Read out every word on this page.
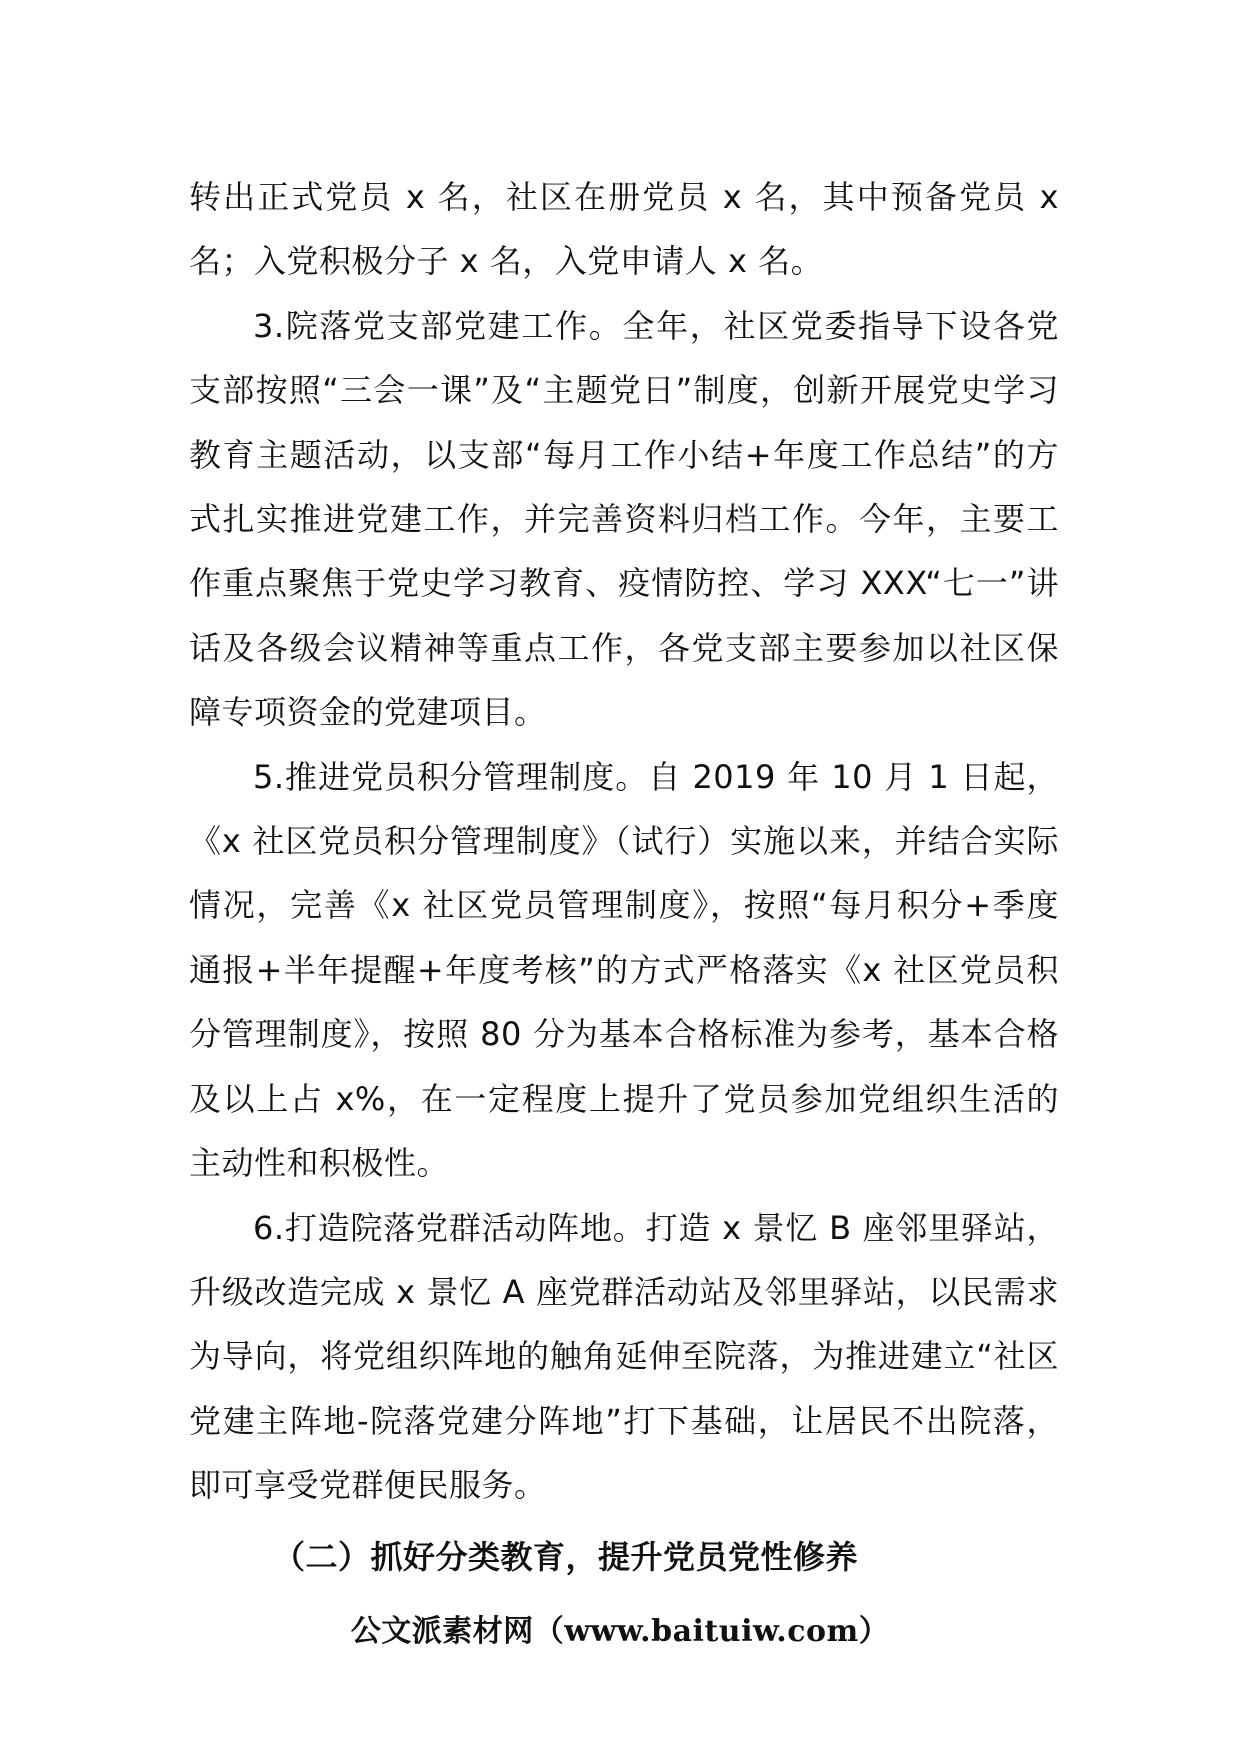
转出正式党员 x 名，社区在册党员 x 名，其中预备党员 x 名；入党积极分子 x 名，入党申请人 x 名。

3.院落党支部党建工作。全年，社区党委指导下设各党支部按照“三会一课”及“主题党日”制度，创新开展党史学习教育主题活动，以支部“每月工作小结+年度工作总结”的方式扎实推进党建工作，并完善资料归档工作。今年，主要工作重点聚焦于党史学习教育、疫情防控、学习 XXX“七一”讲话及各级会议精神等重点工作，各党支部主要参加以社区保障专项资金的党建项目。

5.推进党员积分管理制度。自 2019 年 10 月 1 日起，《x 社区党员积分管理制度》（试行）实施以来，并结合实际情况，完善《x 社区党员管理制度》，按照“每月积分+季度通报+半年提醒+年度考核”的方式严格落实《x 社区党员积分管理制度》，按照 80 分为基本合格标准为参考，基本合格及以上占 x%，在一定程度上提升了党员参加党组织生活的主动性和积极性。

6.打造院落党群活动阵地。打造 x 景忆 B 座邻里驿站，升级改造完成 x 景忆 A 座党群活动站及邻里驿站，以民需求为导向，将党组织阵地的触角延伸至院落，为推进建立“社区党建主阵地-院落党建分阵地”打下基础，让居民不出院落，即可享受党群便民服务。

（二）抓好分类教育，提升党员党性修养

公文派素材网（www.baituiw.com）
